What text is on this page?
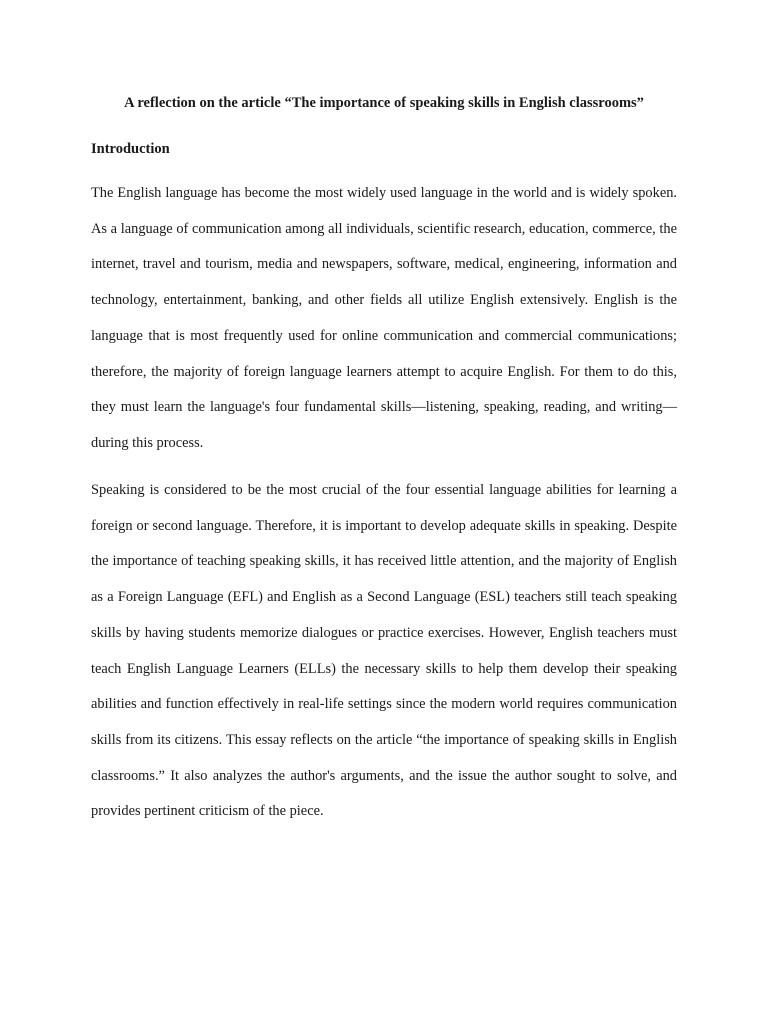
A reflection on the article “The importance of speaking skills in English classrooms”
Introduction

The English language has become the most widely used language in the world and is widely spoken. As a language of communication among all individuals, scientific research, education, commerce, the internet, travel and tourism, media and newspapers, software, medical, engineering, information and technology, entertainment, banking, and other fields all utilize English extensively. English is the language that is most frequently used for online communication and commercial communications; therefore, the majority of foreign language learners attempt to acquire English. For them to do this, they must learn the language's four fundamental skills—listening, speaking, reading, and writing—during this process.

Speaking is considered to be the most crucial of the four essential language abilities for learning a foreign or second language. Therefore, it is important to develop adequate skills in speaking. Despite the importance of teaching speaking skills, it has received little attention, and the majority of English as a Foreign Language (EFL) and English as a Second Language (ESL) teachers still teach speaking skills by having students memorize dialogues or practice exercises. However, English teachers must teach English Language Learners (ELLs) the necessary skills to help them develop their speaking abilities and function effectively in real-life settings since the modern world requires communication skills from its citizens. This essay reflects on the article “the importance of speaking skills in English classrooms.” It also analyzes the author's arguments, and the issue the author sought to solve, and provides pertinent criticism of the piece.
